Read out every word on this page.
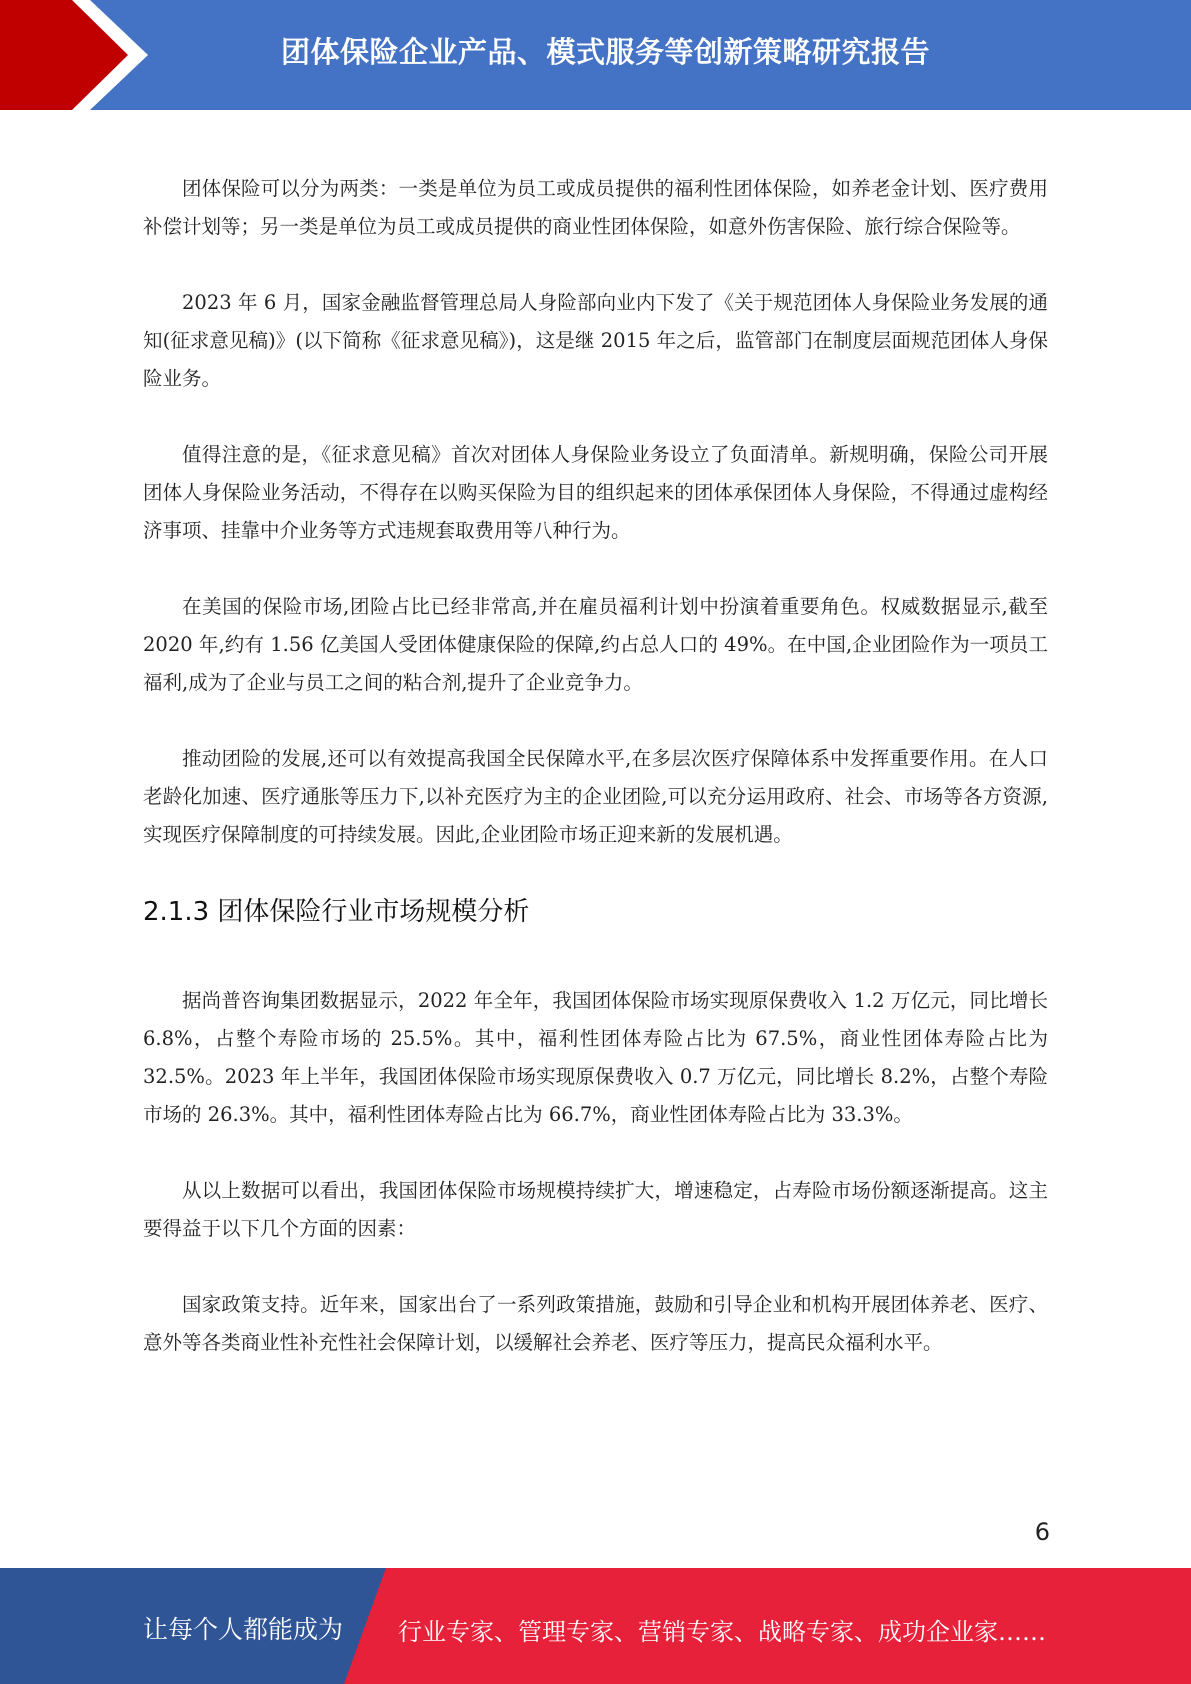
团体保险企业产品、模式服务等创新策略研究报告

团体保险可以分为两类：一类是单位为员工或成员提供的福利性团体保险，如养老金计划、医疗费用补偿计划等；另一类是单位为员工或成员提供的商业性团体保险，如意外伤害保险、旅行综合保险等。

2023 年 6 月，国家金融监督管理总局人身险部向业内下发了《关于规范团体人身保险业务发展的通知(征求意见稿)》(以下简称《征求意见稿》)，这是继 2015 年之后，监管部门在制度层面规范团体人身保险业务。

值得注意的是，《征求意见稿》首次对团体人身保险业务设立了负面清单。新规明确，保险公司开展团体人身保险业务活动，不得存在以购买保险为目的组织起来的团体承保团体人身保险，不得通过虚构经济事项、挂靠中介业务等方式违规套取费用等八种行为。

在美国的保险市场,团险占比已经非常高,并在雇员福利计划中扮演着重要角色。权威数据显示,截至 2020 年,约有 1.56 亿美国人受团体健康保险的保障,约占总人口的 49%。在中国,企业团险作为一项员工福利,成为了企业与员工之间的粘合剂,提升了企业竞争力。

推动团险的发展,还可以有效提高我国全民保障水平,在多层次医疗保障体系中发挥重要作用。在人口老龄化加速、医疗通胀等压力下,以补充医疗为主的企业团险,可以充分运用政府、社会、市场等各方资源,实现医疗保障制度的可持续发展。因此,企业团险市场正迎来新的发展机遇。

2.1.3 团体保险行业市场规模分析

据尚普咨询集团数据显示，2022 年全年，我国团体保险市场实现原保费收入 1.2 万亿元，同比增长 6.8%，占整个寿险市场的 25.5%。其中，福利性团体寿险占比为 67.5%，商业性团体寿险占比为 32.5%。2023 年上半年，我国团体保险市场实现原保费收入 0.7 万亿元，同比增长 8.2%，占整个寿险市场的 26.3%。其中，福利性团体寿险占比为 66.7%，商业性团体寿险占比为 33.3%。

从以上数据可以看出，我国团体保险市场规模持续扩大，增速稳定，占寿险市场份额逐渐提高。这主要得益于以下几个方面的因素：

国家政策支持。近年来，国家出台了一系列政策措施，鼓励和引导企业和机构开展团体养老、医疗、意外等各类商业性补充性社会保障计划，以缓解社会养老、医疗等压力，提高民众福利水平。

6
让每个人都能成为 行业专家、管理专家、营销专家、战略专家、成功企业家……
